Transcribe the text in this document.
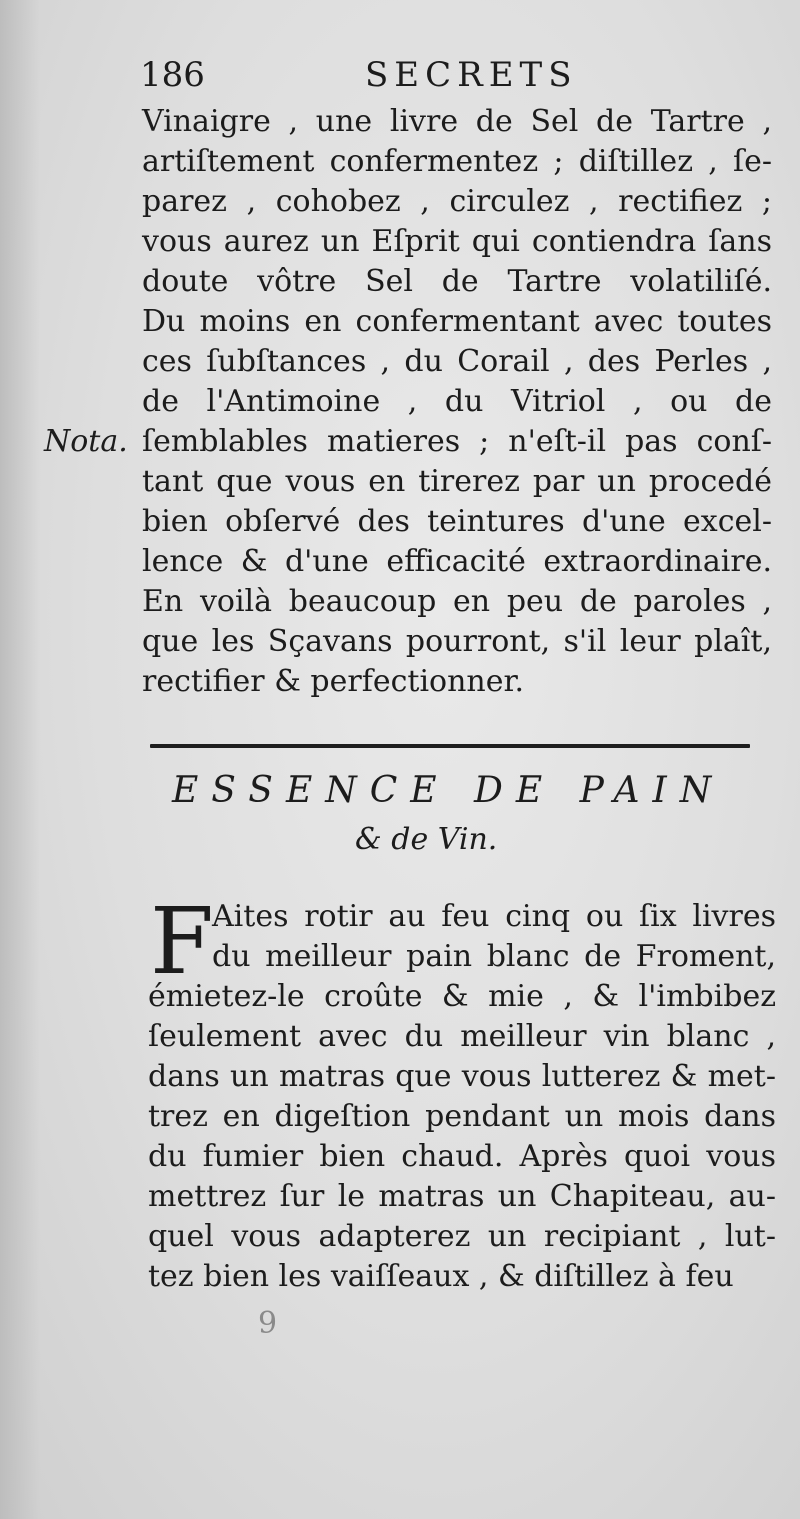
186	SECRETS
Nota.
Vinaigre , une livre de Sel de Tartre ,
artiſtement confermentez ; diſtillez , ſe-
parez , cohobez , circulez , rectifiez ;
vous aurez un Eſprit qui contiendra ſans
doute vôtre Sel de Tartre volatiliſé.
Du moins en confermentant avec toutes
ces ſubſtances , du Corail , des Perles ,
de l'Antimoine , du Vitriol , ou de
ſemblables matieres ; n'eſt-il pas conſ-
tant que vous en tirerez par un procedé
bien obſervé des teintures d'une excel-
lence & d'une efficacité extraordinaire.
En voilà beaucoup en peu de paroles ,
que les Sçavans pourront, s'il leur plaît,
rectifier & perfectionner.
ESSENCE DE PAIN
& de Vin.
F
Aites rotir au feu cinq ou ſix livres
du meilleur pain blanc de Froment,
émietez-le croûte & mie , & l'imbibez
ſeulement avec du meilleur vin blanc ,
dans un matras que vous lutterez & met-
trez en digeſtion pendant un mois dans
du fumier bien chaud. Après quoi vous
mettrez ſur le matras un Chapiteau, au-
quel vous adapterez un recipiant , lut-
tez bien les vaiſſeaux , & diſtillez à feu
9
